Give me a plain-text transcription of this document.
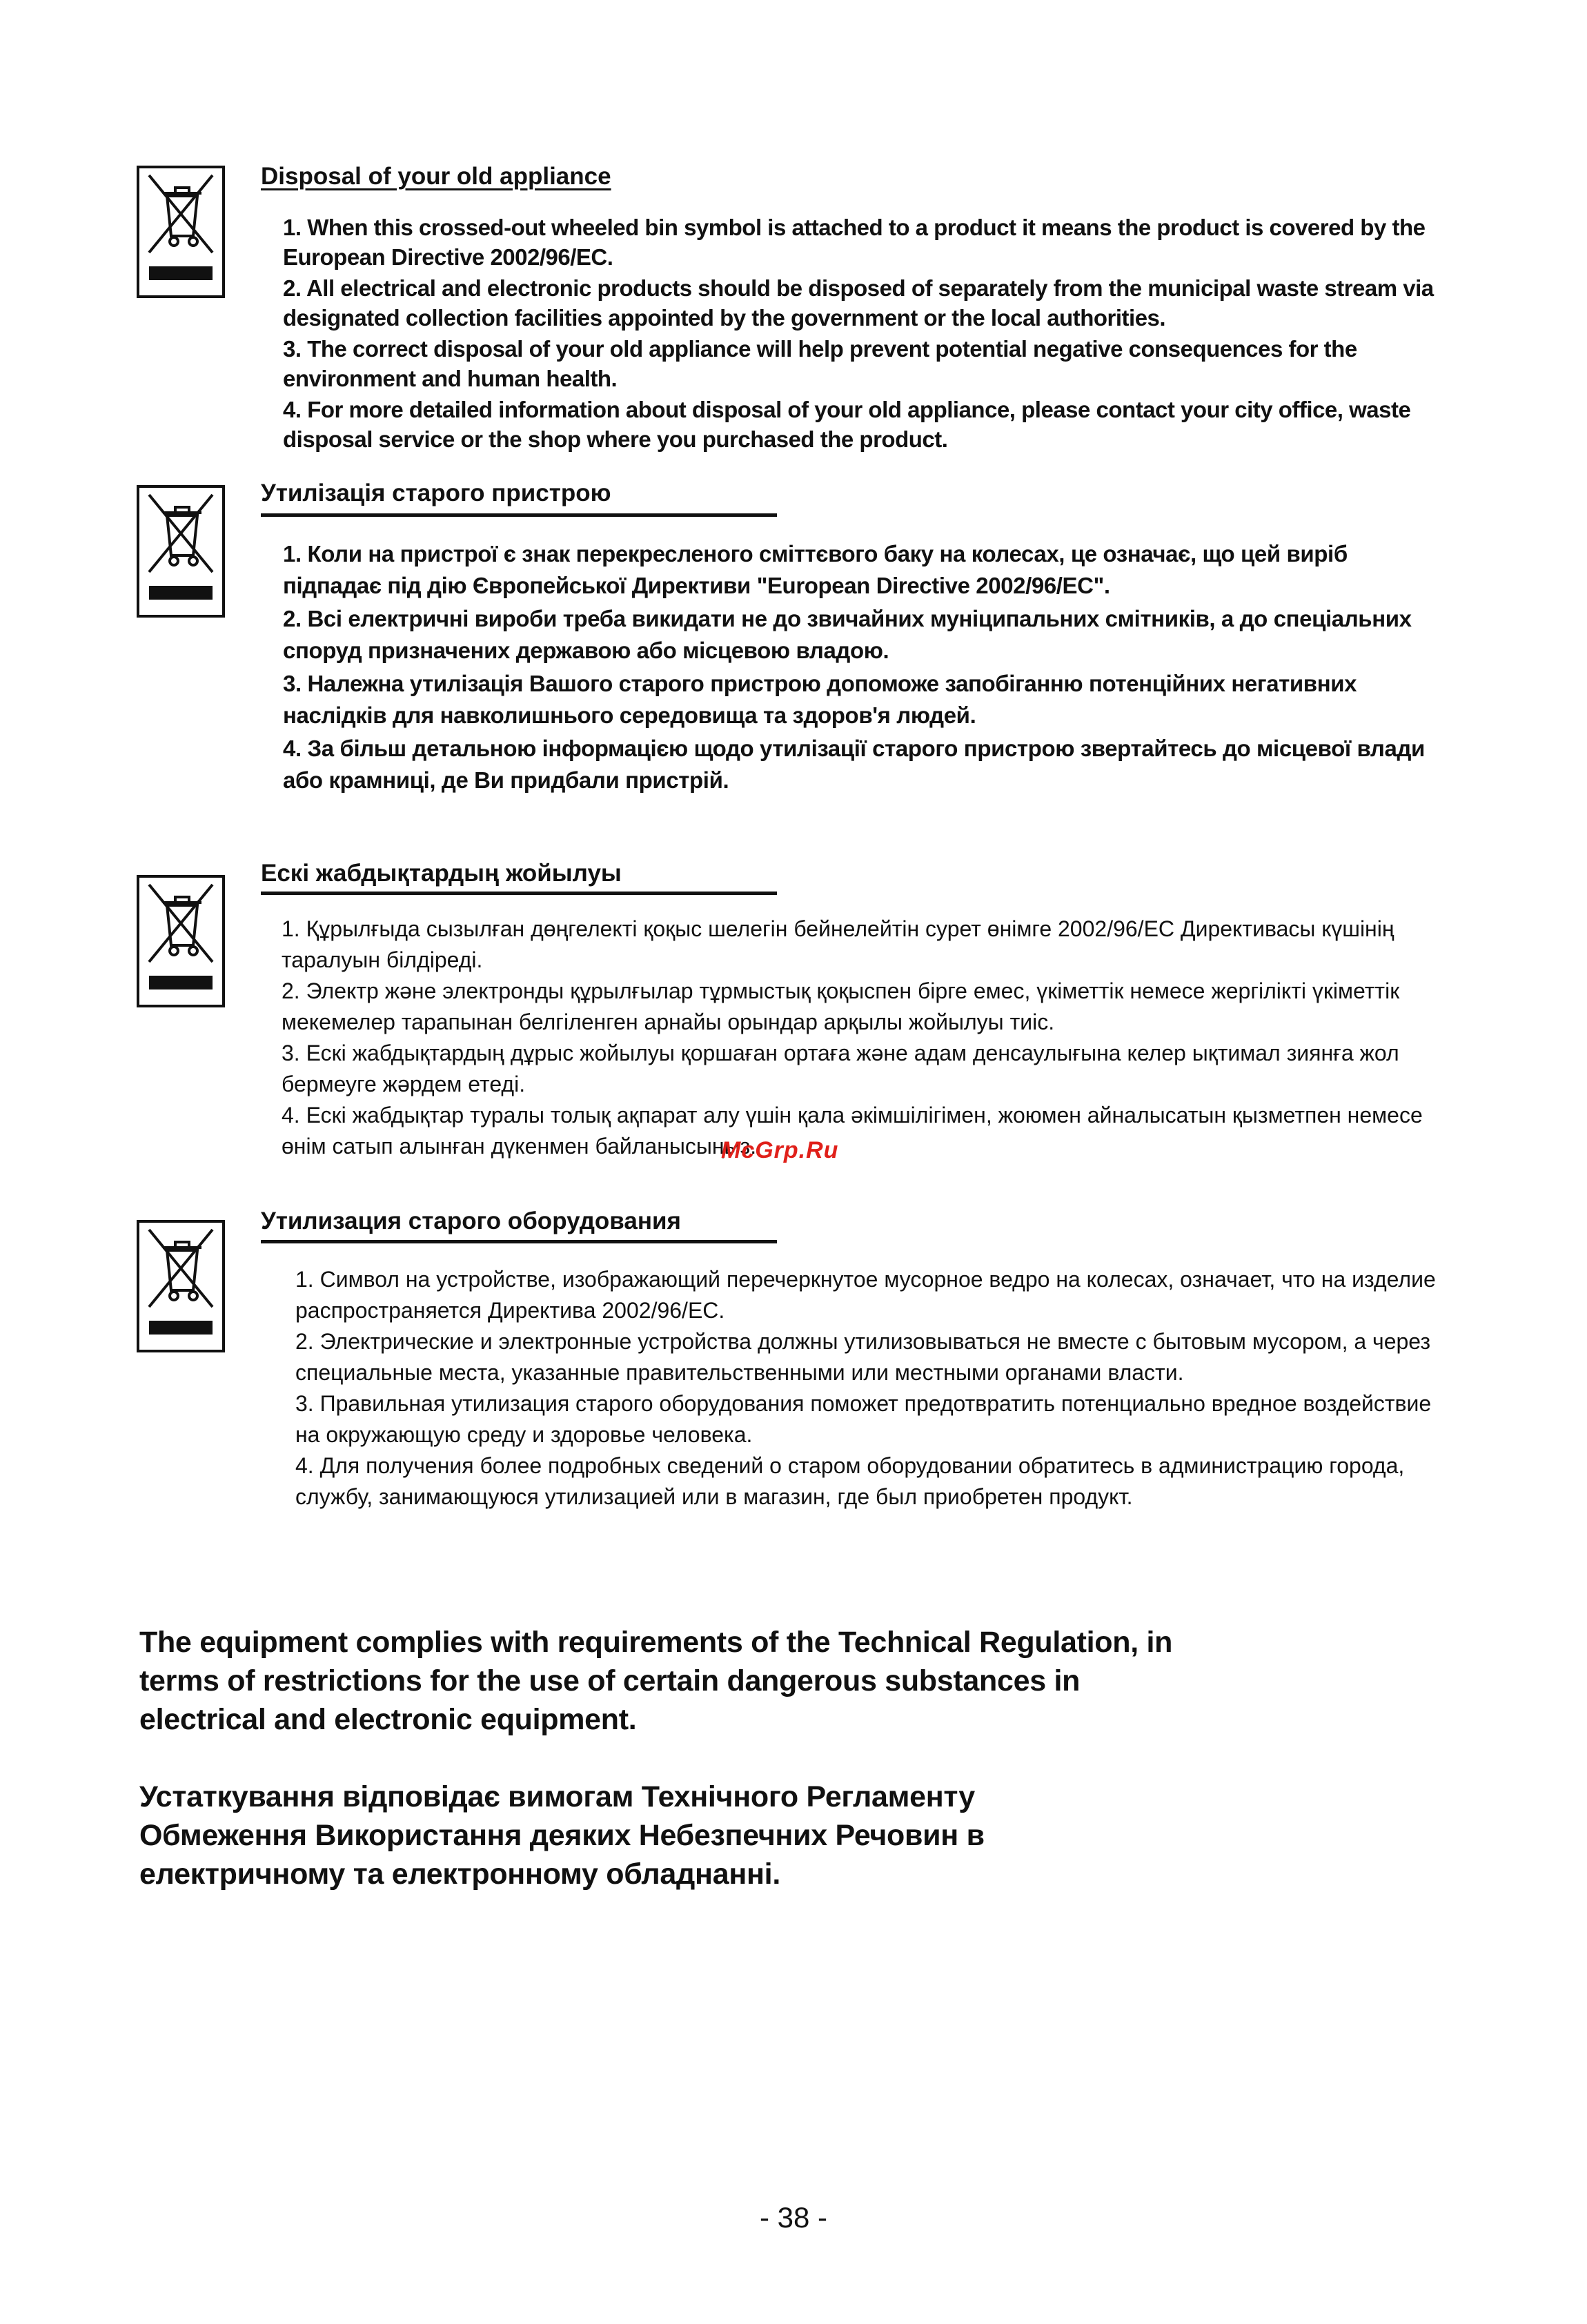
Disposal of your old appliance
1. When this crossed-out wheeled bin symbol is attached to a product it means the product is covered by the European Directive 2002/96/EC.
2. All electrical and electronic products should be disposed of separately from the municipal waste stream via designated collection facilities appointed by the government or the local authorities.
3. The correct disposal of your old appliance will help prevent potential negative consequences for the environment and human health.
4. For more detailed information about disposal of your old appliance, please contact your city office, waste disposal service or the shop where you purchased the product.
Утилізація старого пристрою
1. Коли на пристрої є знак перекресленого сміттєвого баку на колесах, це означає, що цей виріб підпадає під дію Європейської Директиви "European Directive 2002/96/EC".
2. Всі електричні вироби треба викидати не до звичайних муніципальних смітників, а до спеціальних споруд призначених державою або місцевою владою.
3. Належна утилізація Вашого старого пристрою допоможе запобіганню потенційних негативних наслідків для навколишнього середовища та здоров'я людей.
4. За більш детальною інформацією щодо утилізації старого пристрою звертайтесь до місцевої влади або крамниці, де Ви придбали пристрій.
Ескі жабдықтардың жойылуы
1. Құрылғыда сызылған дөңгелекті қоқыс шелегін бейнелейтін сурет өнімге 2002/96/ЕС Директивасы күшінің таралуын білдіреді.
2. Электр және электронды құрылғылар тұрмыстық қоқыспен бірге емес, үкіметтік немесе жергілікті үкіметтік мекемелер тарапынан белгіленген арнайы орындар арқылы жойылуы тиіс.
3. Ескі жабдықтардың дұрыс жойылуы қоршаған ортаға және адам денсаулығына келер ықтимал зиянға жол бермеуге жәрдем етеді.
4. Ескі жабдықтар туралы толық ақпарат алу үшін қала әкімшілігімен, жоюмен айналысатын қызметпен немесе өнім сатып алынған дүкенмен байланысыңыз.
McGrp.Ru
Утилизация старого оборудования
1. Символ на устройстве, изображающий перечеркнутое мусорное ведро на колесах, означает, что на изделие распространяется Директива 2002/96/ЕС.
2. Электрические и электронные устройства должны утилизовываться не вместе с бытовым мусором, а через специальные места, указанные правительственными или местными органами власти.
3. Правильная утилизация старого оборудования поможет предотвратить потенциально вредное воздействие на окружающую среду и здоровье человека.
4. Для получения более подробных сведений о старом оборудовании обратитесь в администрацию города, службу, занимающуюся утилизацией или в магазин, где был приобретен продукт.
The equipment complies with requirements of the Technical Regulation, in terms of restrictions for the use of certain dangerous substances in electrical and electronic equipment.
Устаткування відповідає вимогам Технічного Регламенту Обмеження Використання деяких Небезпечних Речовин в електричному та електронному обладнанні.
- 38 -
